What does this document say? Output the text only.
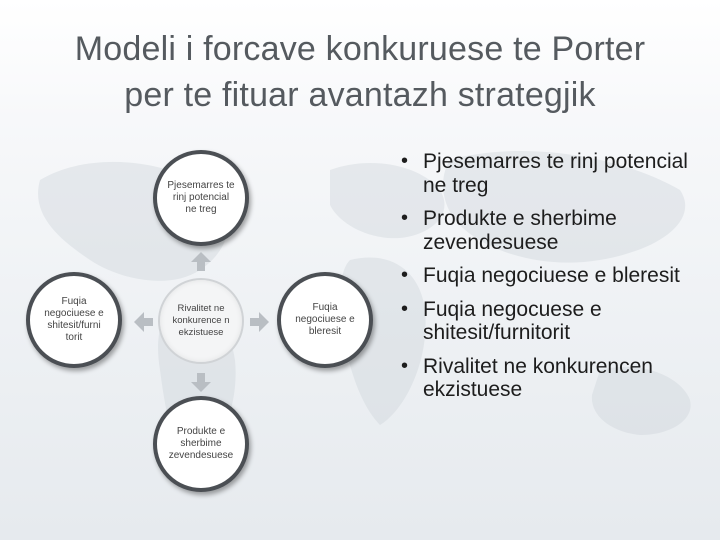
Modeli i forcave konkuruese te Porter
per te fituar avantazh strategjik
Pjesemarres te rinj potencial ne treg
Fuqia negociuese e shitesit/furni torit
Rivalitet ne konkurence n ekzistuese
Fuqia negociuese e bleresit
Produkte e sherbime zevendesuese
• Pjesemarres te rinj potencial ne treg
• Produkte e sherbime zevendesuese
• Fuqia negociuese e bleresit
• Fuqia negocuese e shitesit/furnitorit
• Rivalitet ne konkurencen ekzistuese
